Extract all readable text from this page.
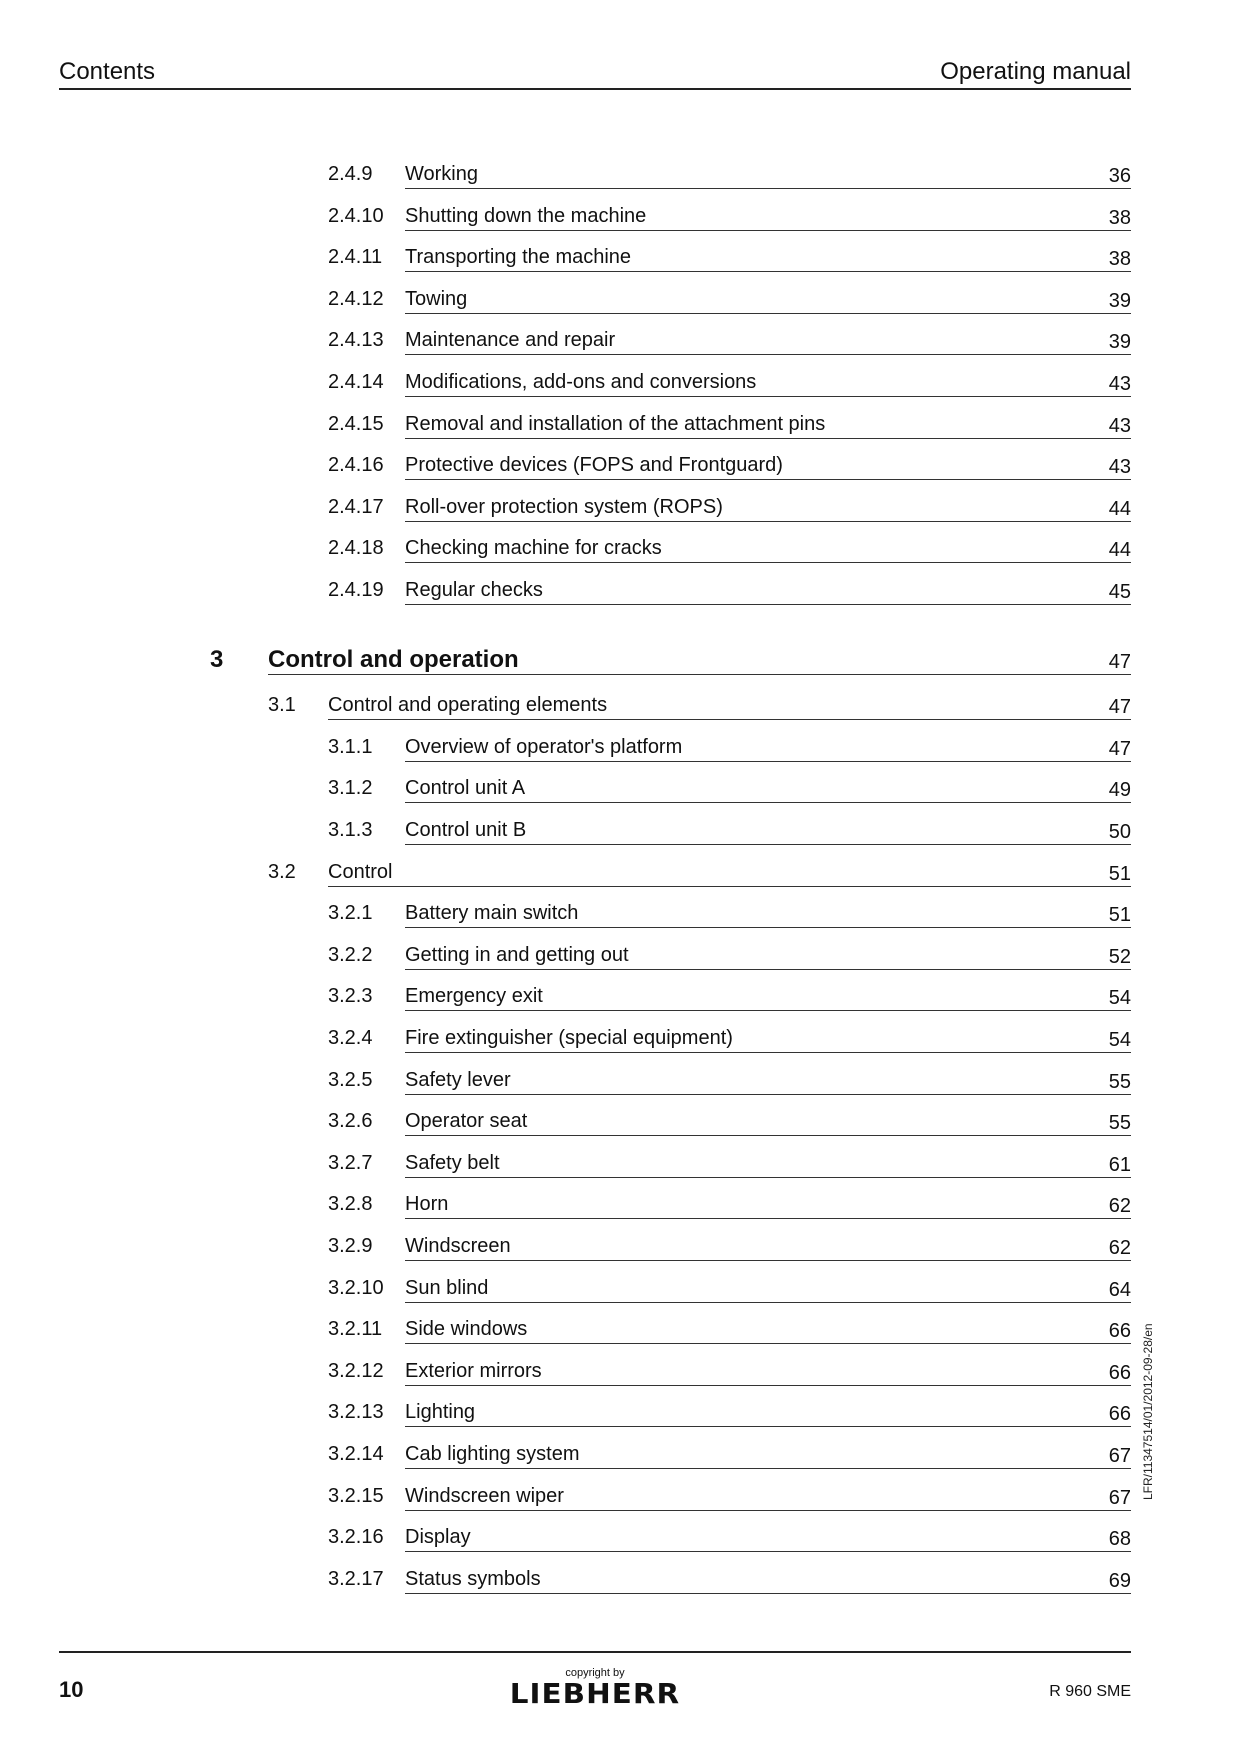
Contents	Operating manual
2.4.9 Working	36
2.4.10 Shutting down the machine	38
2.4.11 Transporting the machine	38
2.4.12 Towing	39
2.4.13 Maintenance and repair	39
2.4.14 Modifications, add-ons and conversions	43
2.4.15 Removal and installation of the attachment pins	43
2.4.16 Protective devices (FOPS and Frontguard)	43
2.4.17 Roll-over protection system (ROPS)	44
2.4.18 Checking machine for cracks	44
2.4.19 Regular checks	45
3 Control and operation	47
3.1 Control and operating elements	47
3.1.1 Overview of operator's platform	47
3.1.2 Control unit A	49
3.1.3 Control unit B	50
3.2 Control	51
3.2.1 Battery main switch	51
3.2.2 Getting in and getting out	52
3.2.3 Emergency exit	54
3.2.4 Fire extinguisher (special equipment)	54
3.2.5 Safety lever	55
3.2.6 Operator seat	55
3.2.7 Safety belt	61
3.2.8 Horn	62
3.2.9 Windscreen	62
3.2.10 Sun blind	64
3.2.11 Side windows	66
3.2.12 Exterior mirrors	66
3.2.13 Lighting	66
3.2.14 Cab lighting system	67
3.2.15 Windscreen wiper	67
3.2.16 Display	68
3.2.17 Status symbols	69
LFR/11347514/01/2012-09-28/en
10
copyright by
LIEBHERR	R 960 SME
